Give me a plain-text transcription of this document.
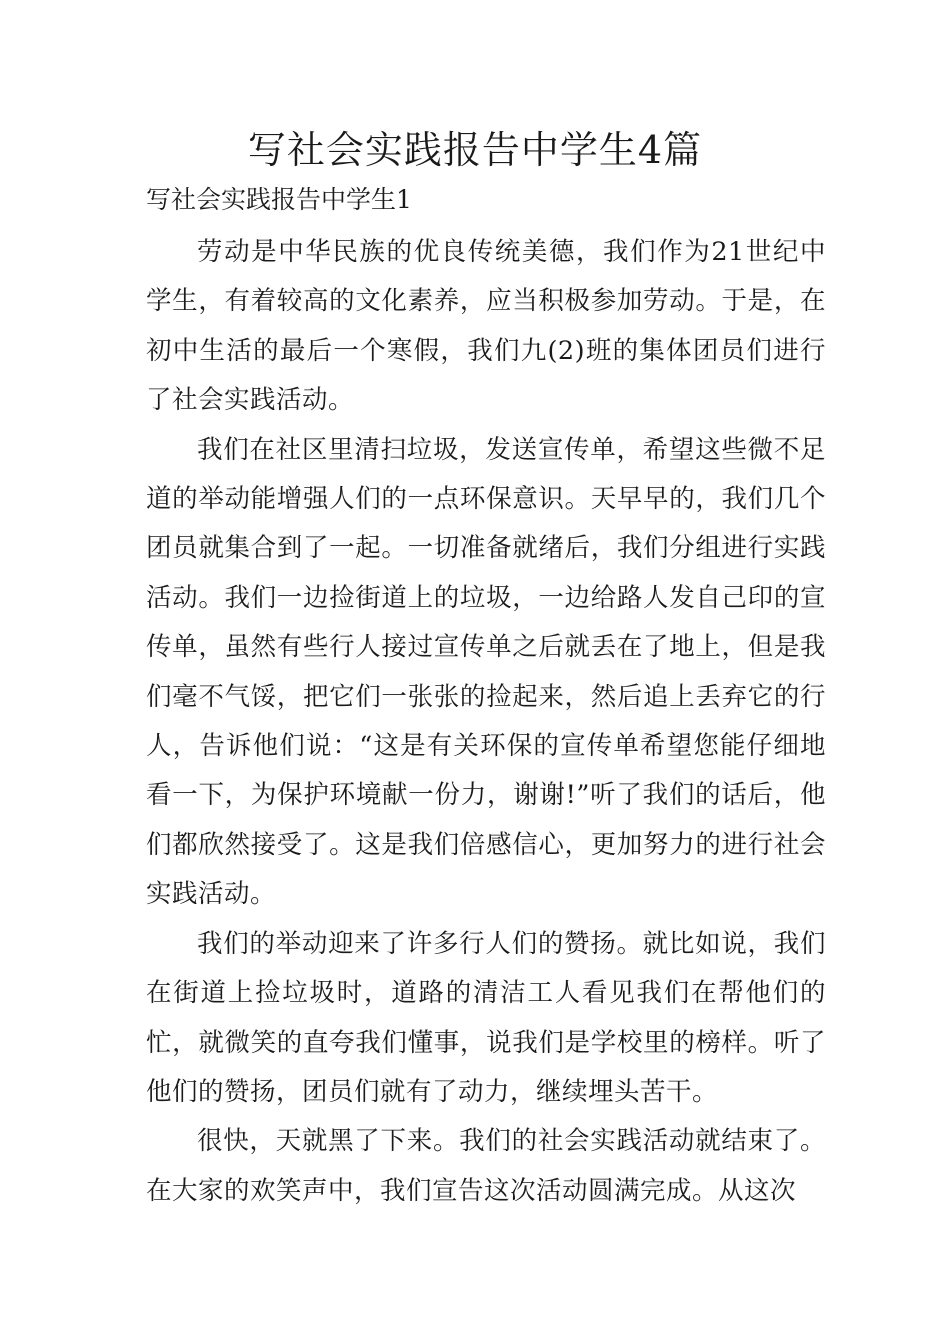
写社会实践报告中学生4篇
写社会实践报告中学生1

劳动是中华民族的优良传统美德，我们作为21世纪中学生，有着较高的文化素养，应当积极参加劳动。于是，在初中生活的最后一个寒假，我们九(2)班的集体团员们进行了社会实践活动。

我们在社区里清扫垃圾，发送宣传单，希望这些微不足道的举动能增强人们的一点环保意识。天早早的，我们几个团员就集合到了一起。一切准备就绪后，我们分组进行实践活动。我们一边捡街道上的垃圾，一边给路人发自己印的宣传单，虽然有些行人接过宣传单之后就丢在了地上，但是我们毫不气馁，把它们一张张的捡起来，然后追上丢弃它的行人，告诉他们说：“这是有关环保的宣传单希望您能仔细地看一下，为保护环境献一份力，谢谢!”听了我们的话后，他们都欣然接受了。这是我们倍感信心，更加努力的进行社会实践活动。

我们的举动迎来了许多行人们的赞扬。就比如说，我们在街道上捡垃圾时，道路的清洁工人看见我们在帮他们的忙，就微笑的直夸我们懂事，说我们是学校里的榜样。听了他们的赞扬，团员们就有了动力，继续埋头苦干。

很快，天就黑了下来。我们的社会实践活动就结束了。在大家的欢笑声中，我们宣告这次活动圆满完成。从这次
